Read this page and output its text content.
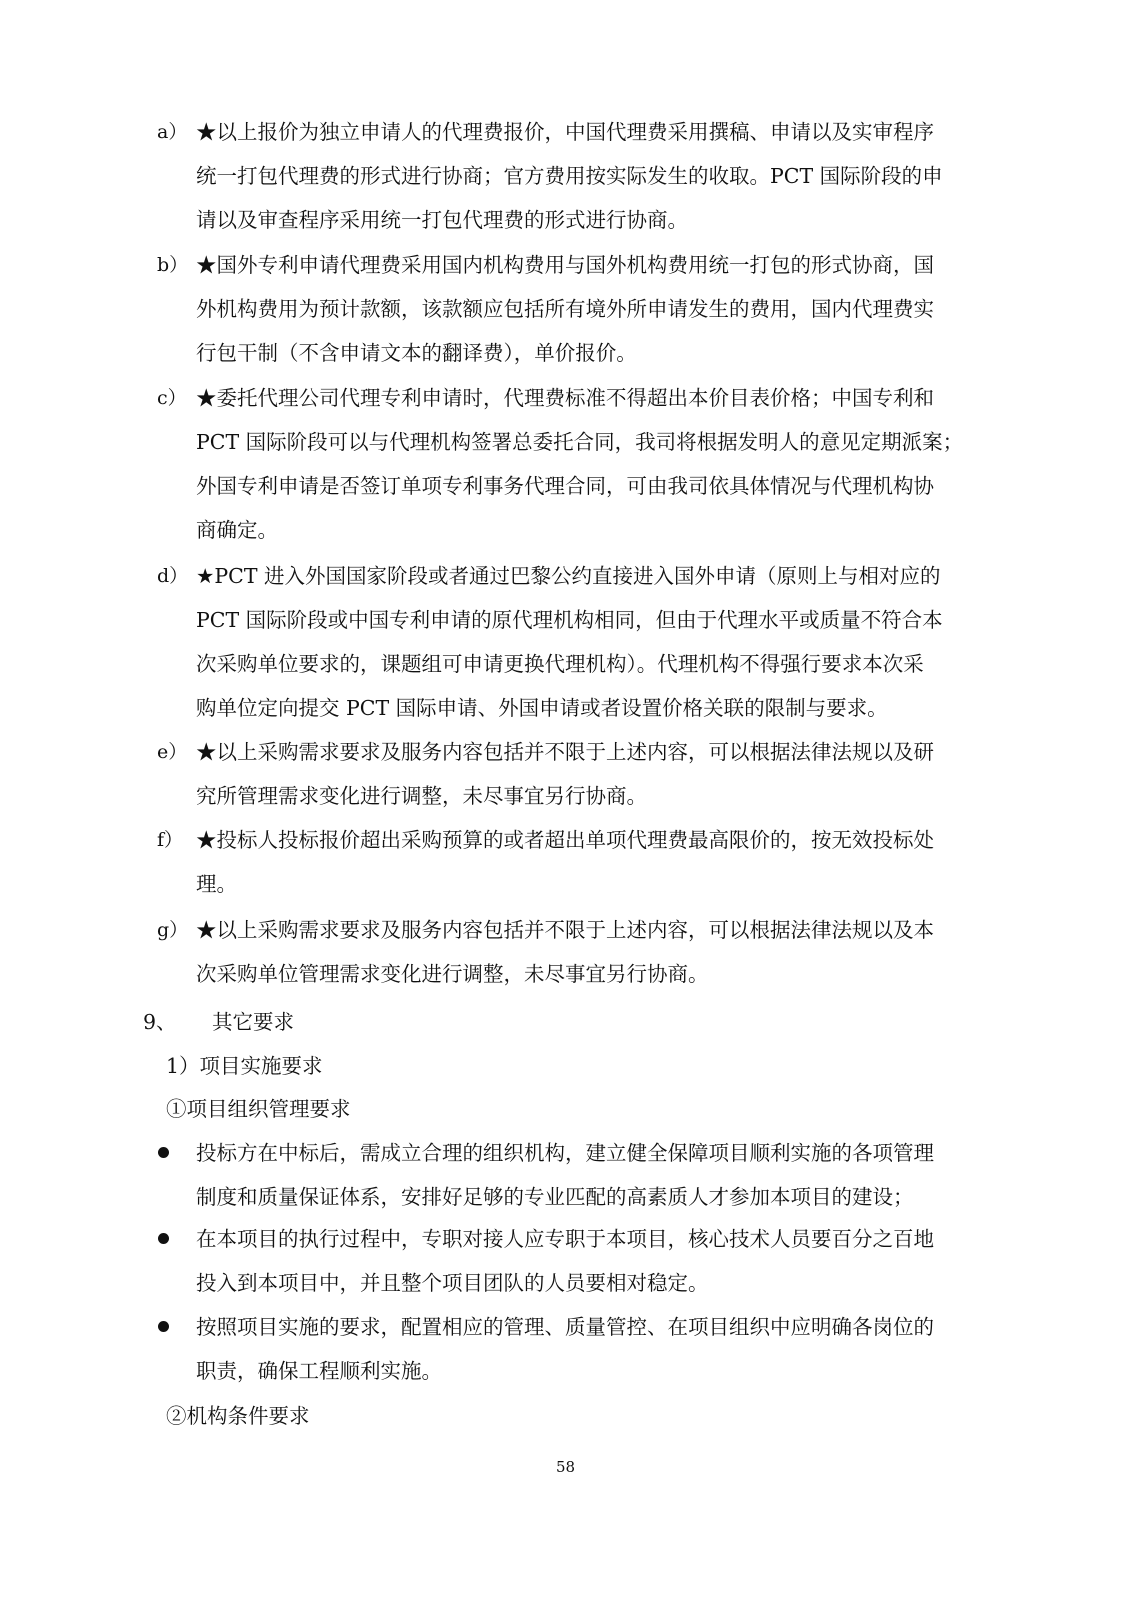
a） ★以上报价为独立申请人的代理费报价，中国代理费采用撰稿、申请以及实审程序
统一打包代理费的形式进行协商；官方费用按实际发生的收取。PCT 国际阶段的申
请以及审查程序采用统一打包代理费的形式进行协商。
b） ★国外专利申请代理费采用国内机构费用与国外机构费用统一打包的形式协商，国
外机构费用为预计款额，该款额应包括所有境外所申请发生的费用，国内代理费实
行包干制（不含申请文本的翻译费），单价报价。
c） ★委托代理公司代理专利申请时，代理费标准不得超出本价目表价格；中国专利和
PCT 国际阶段可以与代理机构签署总委托合同，我司将根据发明人的意见定期派案；
外国专利申请是否签订单项专利事务代理合同，可由我司依具体情况与代理机构协
商确定。
d） ★PCT 进入外国国家阶段或者通过巴黎公约直接进入国外申请（原则上与相对应的
PCT 国际阶段或中国专利申请的原代理机构相同，但由于代理水平或质量不符合本
次采购单位要求的，课题组可申请更换代理机构）。代理机构不得强行要求本次采
购单位定向提交 PCT 国际申请、外国申请或者设置价格关联的限制与要求。
e） ★以上采购需求要求及服务内容包括并不限于上述内容，可以根据法律法规以及研
究所管理需求变化进行调整，未尽事宜另行协商。
f） ★投标人投标报价超出采购预算的或者超出单项代理费最高限价的，按无效投标处
理。
g） ★以上采购需求要求及服务内容包括并不限于上述内容，可以根据法律法规以及本
次采购单位管理需求变化进行调整，未尽事宜另行协商。
9、 其它要求
1）项目实施要求
①项目组织管理要求
投标方在中标后，需成立合理的组织机构，建立健全保障项目顺利实施的各项管理
制度和质量保证体系，安排好足够的专业匹配的高素质人才参加本项目的建设；
在本项目的执行过程中，专职对接人应专职于本项目，核心技术人员要百分之百地
投入到本项目中，并且整个项目团队的人员要相对稳定。
按照项目实施的要求，配置相应的管理、质量管控、在项目组织中应明确各岗位的
职责，确保工程顺利实施。
②机构条件要求
58
